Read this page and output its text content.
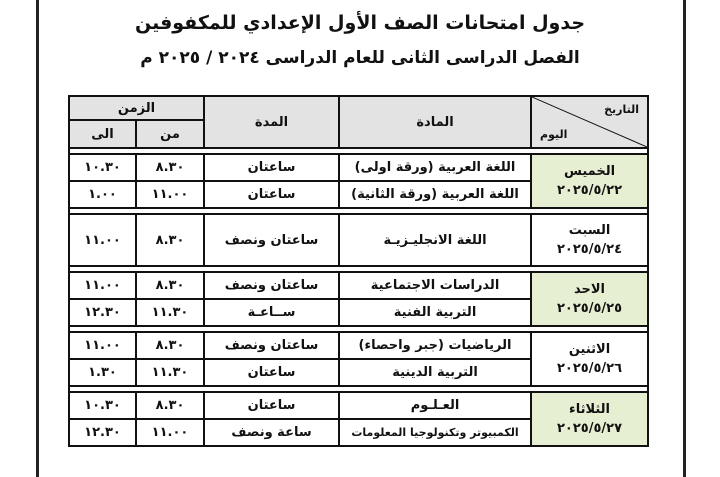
جدول امتحانات الصف الأول الإعدادي للمكفوفين
الفصل الدراسى الثانى للعام الدراسى ٢٠٢٤ / ٢٠٢٥ م
التاريخ
اليوم	المادة	المدة	الزمن	
			من	الى

الخميس
٢٠٢٥/٥/٢٢	اللغة العربية (ورقة اولى)	ساعتان	٨.٣٠	١٠.٣٠
	اللغة العربية (ورقة الثانية)	ساعتان	١١.٠٠	١.٠٠

السبت
٢٠٢٥/٥/٢٤	اللغة الانجليـزيـة	ساعتان ونصف	٨.٣٠	١١.٠٠

الاحد
٢٠٢٥/٥/٢٥	الدراسات الاجتماعية	ساعتان ونصف	٨.٣٠	١١.٠٠
	التربية الفنية	ســاعـة	١١.٣٠	١٢.٣٠

الاثنين
٢٠٢٥/٥/٢٦	الرياضيات (جبر واحصاء)	ساعتان ونصف	٨.٣٠	١١.٠٠
	التربية الدينية	ساعتان	١١.٣٠	١.٣٠

الثلاثاء
٢٠٢٥/٥/٢٧	العـلـوم	ساعتان	٨.٣٠	١٠.٣٠
	الكمبيوتر وتكنولوجيا المعلومات	ساعة ونصف	١١.٠٠	١٢.٣٠
